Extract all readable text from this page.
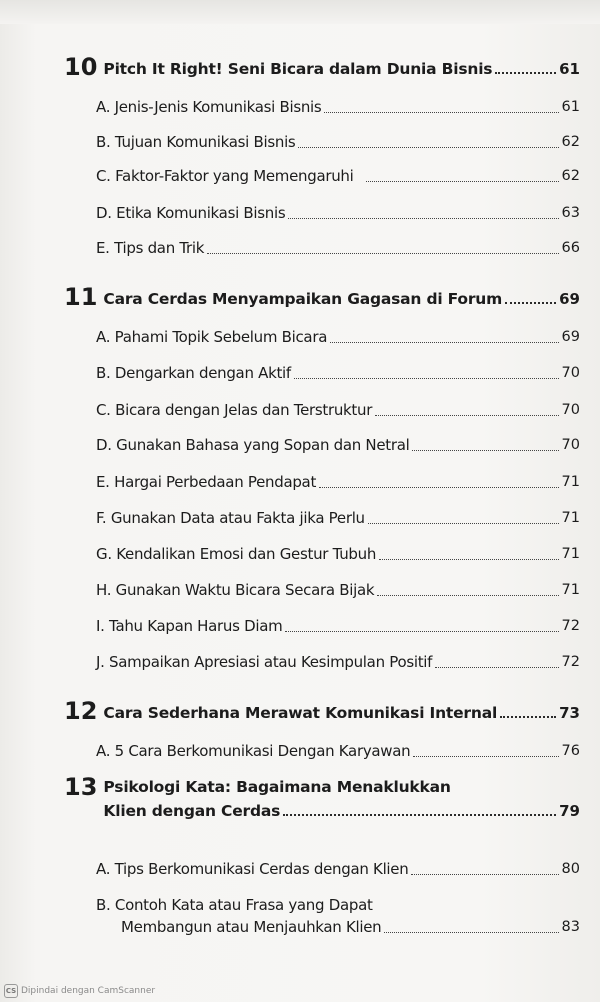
10 Pitch It Right! Seni Bicara dalam Dunia Bisnis	61
A. Jenis-Jenis Komunikasi Bisnis	61
B. Tujuan Komunikasi Bisnis	62
C. Faktor-Faktor yang Memengaruhi	62
D. Etika Komunikasi Bisnis	63
E. Tips dan Trik	66
11 Cara Cerdas Menyampaikan Gagasan di Forum	69
A. Pahami Topik Sebelum Bicara	69
B. Dengarkan dengan Aktif	70
C. Bicara dengan Jelas dan Terstruktur	70
D. Gunakan Bahasa yang Sopan dan Netral	70
E. Hargai Perbedaan Pendapat	71
F. Gunakan Data atau Fakta jika Perlu	71
G. Kendalikan Emosi dan Gestur Tubuh	71
H. Gunakan Waktu Bicara Secara Bijak	71
I. Tahu Kapan Harus Diam	72
J. Sampaikan Apresiasi atau Kesimpulan Positif	72
12 Cara Sederhana Merawat Komunikasi Internal	73
A. 5 Cara Berkomunikasi Dengan Karyawan	76
13 Psikologi Kata: Bagaimana Menaklukkan
Klien dengan Cerdas	79
A. Tips Berkomunikasi Cerdas dengan Klien	80
B. Contoh Kata atau Frasa yang Dapat
Membangun atau Menjauhkan Klien	83
CS Dipindai dengan CamScanner
